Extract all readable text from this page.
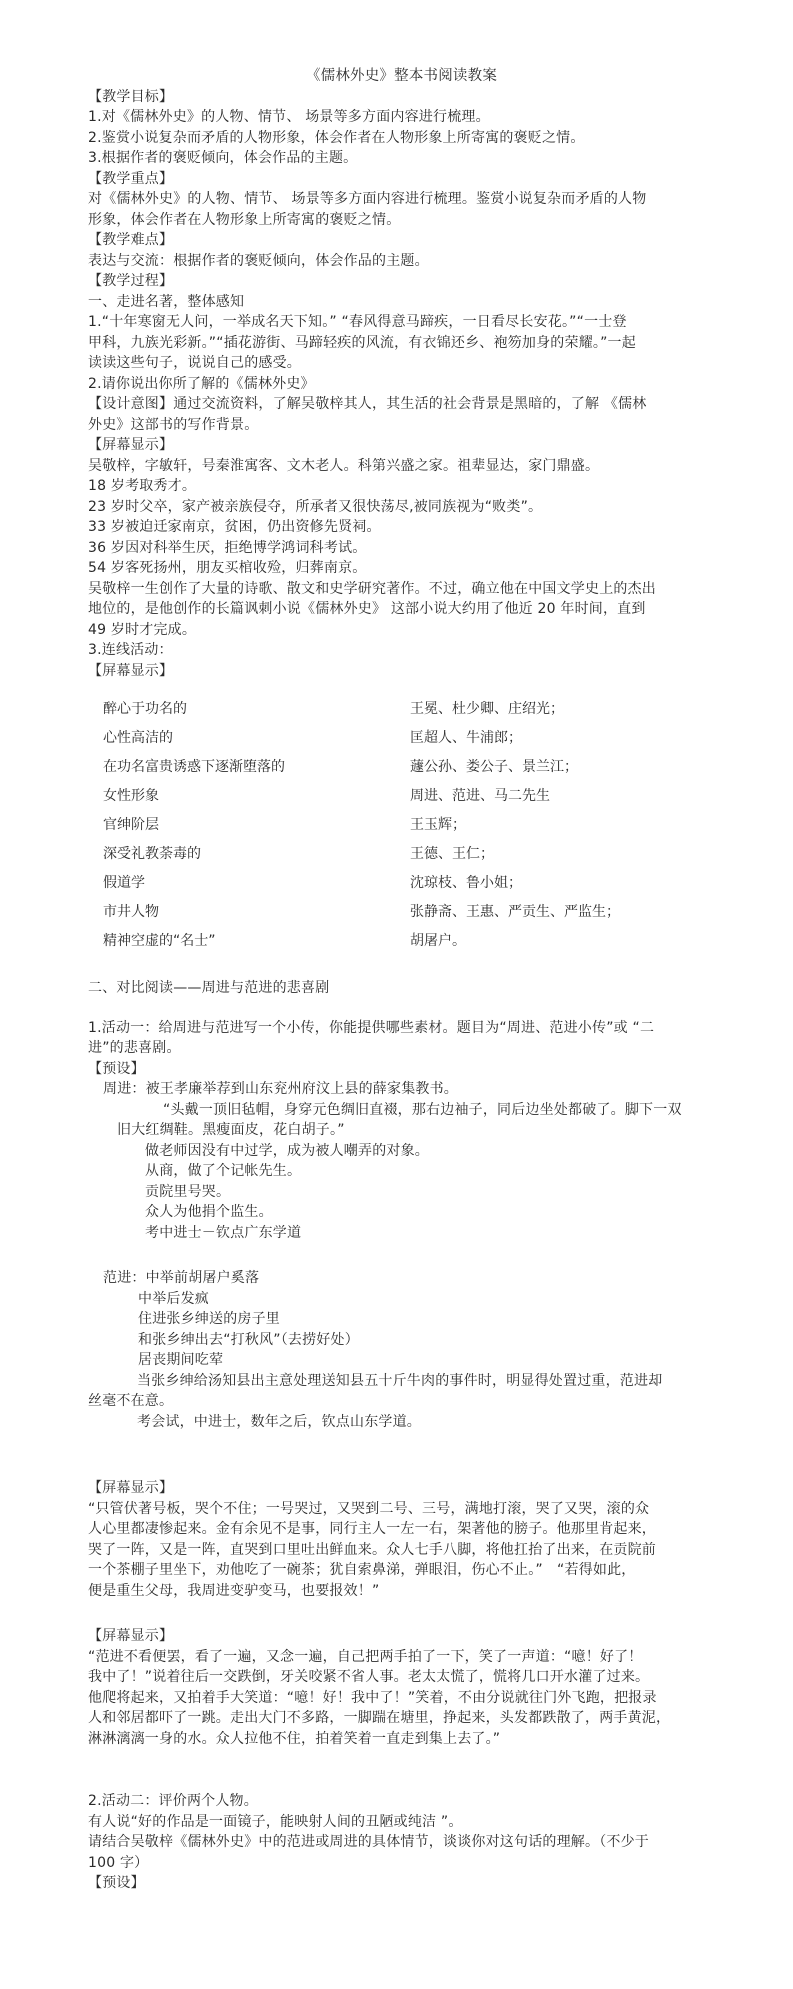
《儒林外史》整本书阅读教案
【教学目标】
1.对《儒林外史》的人物、情节、 场景等多方面内容进行梳理。
2.鉴赏小说复杂而矛盾的人物形象，体会作者在人物形象上所寄寓的褒贬之情。
3.根据作者的褒贬倾向，体会作品的主题。
【教学重点】
对《儒林外史》的人物、情节、 场景等多方面内容进行梳理。鉴赏小说复杂而矛盾的人物
形象，体会作者在人物形象上所寄寓的褒贬之情。
【教学难点】
表达与交流：根据作者的褒贬倾向，体会作品的主题。
【教学过程】
一、走进名著，整体感知
1.“十年寒窗无人问，一举成名天下知。” “春风得意马蹄疾，一日看尽长安花。”“一士登
甲科，九族光彩新。”“插花游街、马蹄轻疾的风流，有衣锦还乡、袍笏加身的荣耀。”一起
读读这些句子，说说自己的感受。
2.请你说出你所了解的《儒林外史》
【设计意图】通过交流资料，了解吴敬梓其人，其生活的社会背景是黑暗的，了解 《儒林
外史》这部书的写作背景。
【屏幕显示】
吴敬梓，字敏轩，号秦淮寓客、文木老人。科第兴盛之家。祖辈显达，家门鼎盛。
18 岁考取秀才。
23 岁时父卒，家产被亲族侵夺，所承者又很快荡尽,被同族视为“败类”。
33 岁被迫迁家南京，贫困，仍出资修先贤祠。
36 岁因对科举生厌，拒绝博学鸿词科考试。
54 岁客死扬州，朋友买棺收殓，归葬南京。
吴敬梓一生创作了大量的诗歌、散文和史学研究著作。不过，确立他在中国文学史上的杰出
地位的，是他创作的长篇讽刺小说《儒林外史》 这部小说大约用了他近 20 年时间，直到
49 岁时才完成。
3.连线活动：
【屏幕显示】
醉心于功名的	王冕、杜少卿、庄绍光；
心性高洁的	匡超人、牛浦郎；
在功名富贵诱惑下逐渐堕落的	蘧公孙、娄公子、景兰江；
女性形象	周进、范进、马二先生
官绅阶层	王玉辉；
深受礼教荼毒的	王德、王仁；
假道学	沈琼枝、鲁小姐；
市井人物	张静斋、王惠、严贡生、严监生；
精神空虚的“名士”	胡屠户。
二、对比阅读——周进与范进的悲喜剧
1.活动一：给周进与范进写一个小传，你能提供哪些素材。题目为“周进、范进小传”或 “二
进”的悲喜剧。
【预设】
周进：被王孝廉举荐到山东兖州府汶上县的薛家集教书。
“头戴一顶旧毡帽，身穿元色绸旧直裰，那右边袖子，同后边坐处都破了。脚下一双
旧大红绸鞋。黑瘦面皮，花白胡子。”
做老师因没有中过学，成为被人嘲弄的对象。
从商，做了个记帐先生。
贡院里号哭。
众人为他捐个监生。
考中进士－钦点广东学道
范进：中举前胡屠户奚落
中举后发疯
住进张乡绅送的房子里
和张乡绅出去“打秋风”（去捞好处）
居丧期间吃荤
当张乡绅给汤知县出主意处理送知县五十斤牛肉的事件时，明显得处置过重，范进却
丝毫不在意。
考会试，中进士，数年之后，钦点山东学道。
【屏幕显示】
“只管伏著号板，哭个不住；一号哭过，又哭到二号、三号，满地打滚，哭了又哭，滚的众
人心里都凄惨起来。金有余见不是事，同行主人一左一右，架著他的膀子。他那里肯起来，
哭了一阵，又是一阵，直哭到口里吐出鲜血来。众人七手八脚，将他扛抬了出来，在贡院前
一个茶棚子里坐下，劝他吃了一碗茶；犹自索鼻涕，弹眼泪，伤心不止。”　“若得如此，
便是重生父母，我周进变驴变马，也要报效！”
【屏幕显示】
“范进不看便罢，看了一遍，又念一遍，自己把两手拍了一下，笑了一声道：“噫！好了！
我中了！”说着往后一交跌倒，牙关咬紧不省人事。老太太慌了，慌将几口开水灌了过来。
他爬将起来，又拍着手大笑道：“噫！好！我中了！”笑着，不由分说就往门外飞跑，把报录
人和邻居都吓了一跳。走出大门不多路，一脚踹在塘里，挣起来，头发都跌散了，两手黄泥，
淋淋漓漓一身的水。众人拉他不住，拍着笑着一直走到集上去了。”
2.活动二：评价两个人物。
有人说“好的作品是一面镜子，能映射人间的丑陋或纯洁 ”。
请结合吴敬梓《儒林外史》中的范进或周进的具体情节，谈谈你对这句话的理解。（不少于
100 字）
【预设】
